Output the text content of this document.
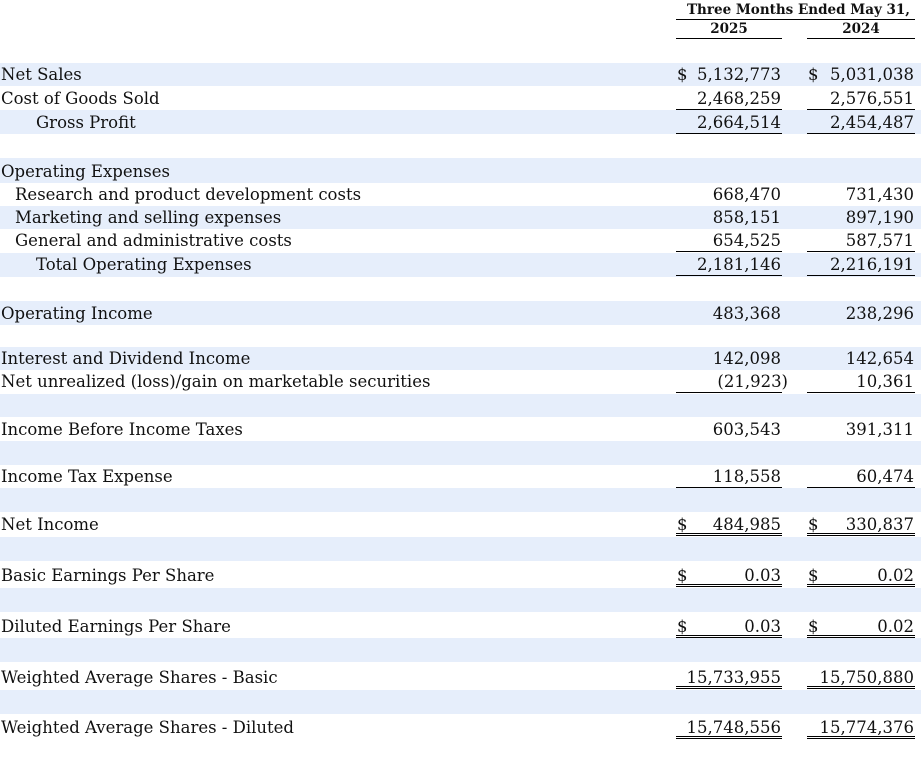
Three Months Ended May 31,
2025	2024
Net Sales	$ 5,132,773 $ 5,031,038
Cost of Goods Sold	2,468,259	2,576,551
Gross Profit	2,664,514	2,454,487
Operating Expenses
Research and product development costs	668,470	731,430
Marketing and selling expenses	858,151	897,190
General and administrative costs	654,525	587,571
Total Operating Expenses	2,181,146	2,216,191
Operating Income	483,368	238,296
Interest and Dividend Income	142,098	142,654
Net unrealized (loss)/gain on marketable securities	(21,923)	10,361
Income Before Income Taxes	603,543	391,311
Income Tax Expense	118,558	60,474
Net Income	$ 484,985 $ 330,837
Basic Earnings Per Share	$	0.03 $	0.02
Diluted Earnings Per Share	$	0.03 $	0.02
Weighted Average Shares - Basic	15,733,955 15,750,880
Weighted Average Shares - Diluted	15,748,556 15,774,376
